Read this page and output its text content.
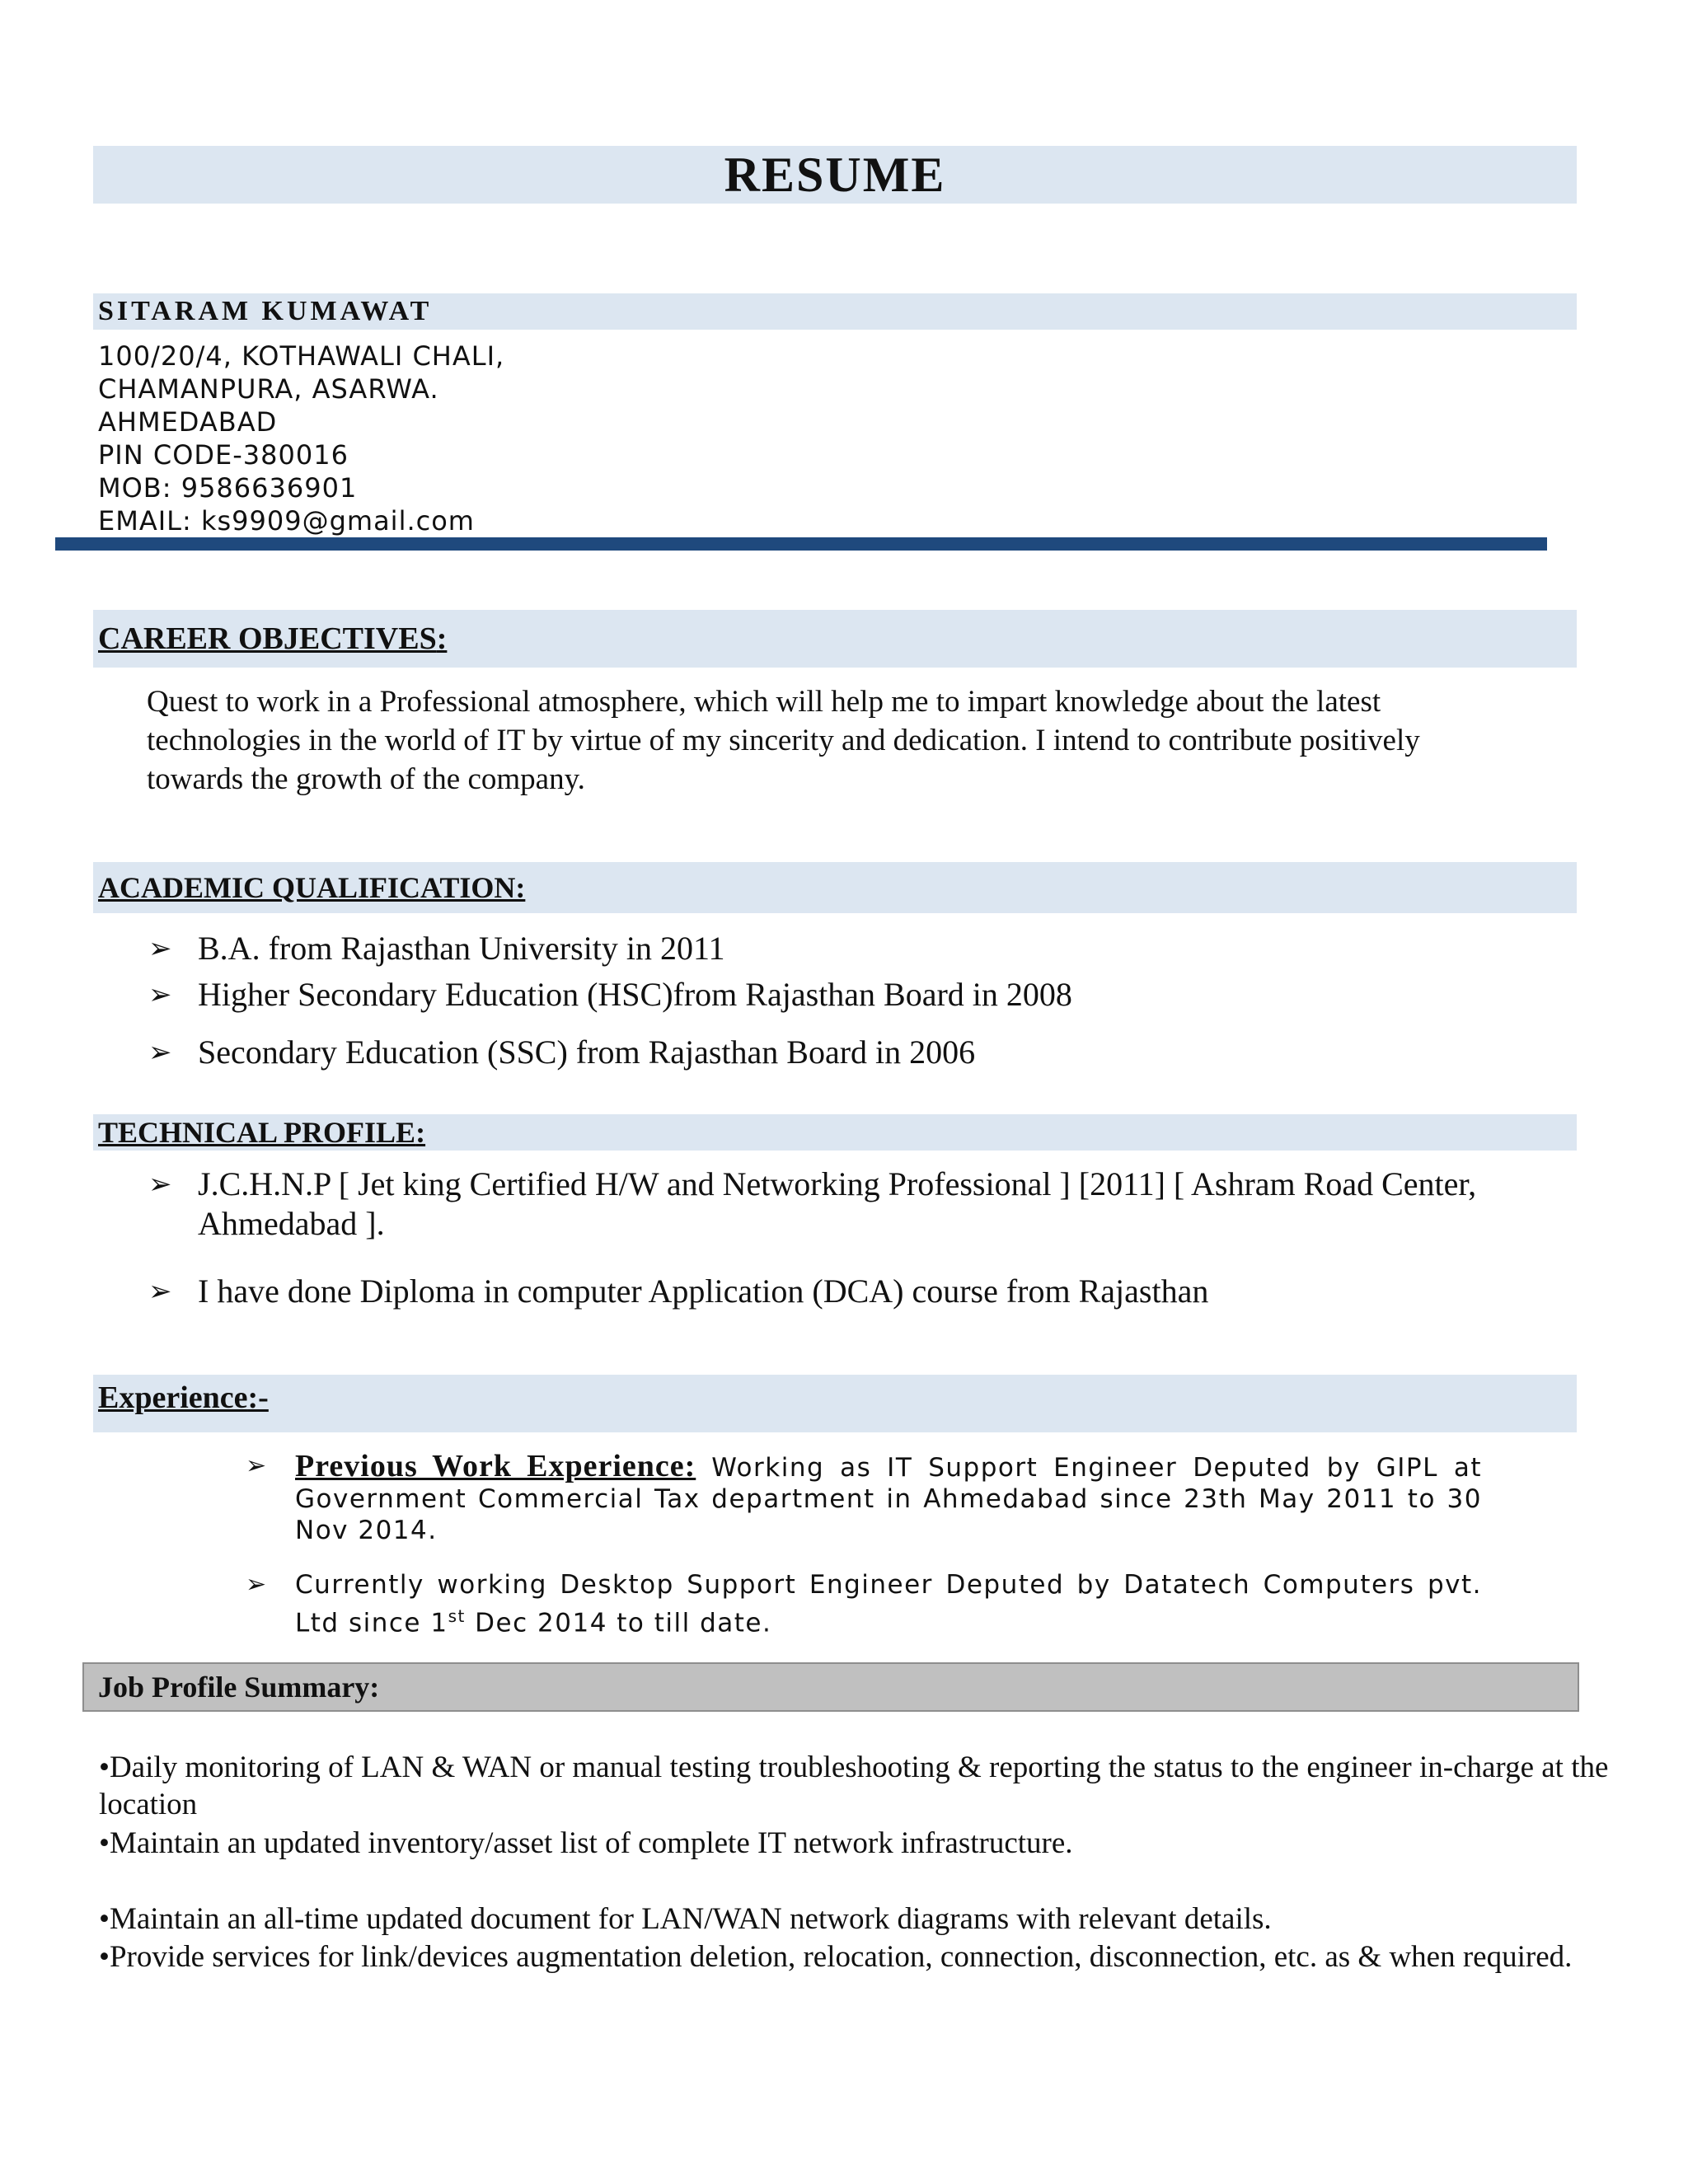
RESUME
SITARAM KUMAWAT
100/20/4, KOTHAWALI CHALI,
CHAMANPURA, ASARWA.
AHMEDABAD
PIN CODE-380016
MOB: 9586636901
EMAIL: ks9909@gmail.com
CAREER OBJECTIVES:
Quest to work in a Professional atmosphere, which will help me to impart knowledge about the latest
technologies in the world of IT by virtue of my sincerity and dedication. I intend to contribute positively
towards the growth of the company.
ACADEMIC QUALIFICATION:
➢ B.A. from Rajasthan University in 2011
➢ Higher Secondary Education (HSC)from Rajasthan Board in 2008
➢ Secondary Education (SSC) from Rajasthan Board in 2006
TECHNICAL PROFILE:
➢ J.C.H.N.P [ Jet king Certified H/W and Networking Professional ] [2011] [ Ashram Road Center,
Ahmedabad ].
➢ I have done Diploma in computer Application (DCA) course from Rajasthan
Experience:-
➢ Previous Work Experience: Working as IT Support Engineer Deputed by GIPL at Government Commercial Tax department in Ahmedabad since 23th May 2011 to 30 Nov 2014.
➢ Currently working Desktop Support Engineer Deputed by Datatech Computers pvt. Ltd since 1st Dec 2014 to till date.
Job Profile Summary:
•Daily monitoring of LAN & WAN or manual testing troubleshooting & reporting the status to the engineer in-charge at the location
•Maintain an updated inventory/asset list of complete IT network infrastructure.
•Maintain an all-time updated document for LAN/WAN network diagrams with relevant details.
•Provide services for link/devices augmentation deletion, relocation, connection, disconnection, etc. as & when required.
